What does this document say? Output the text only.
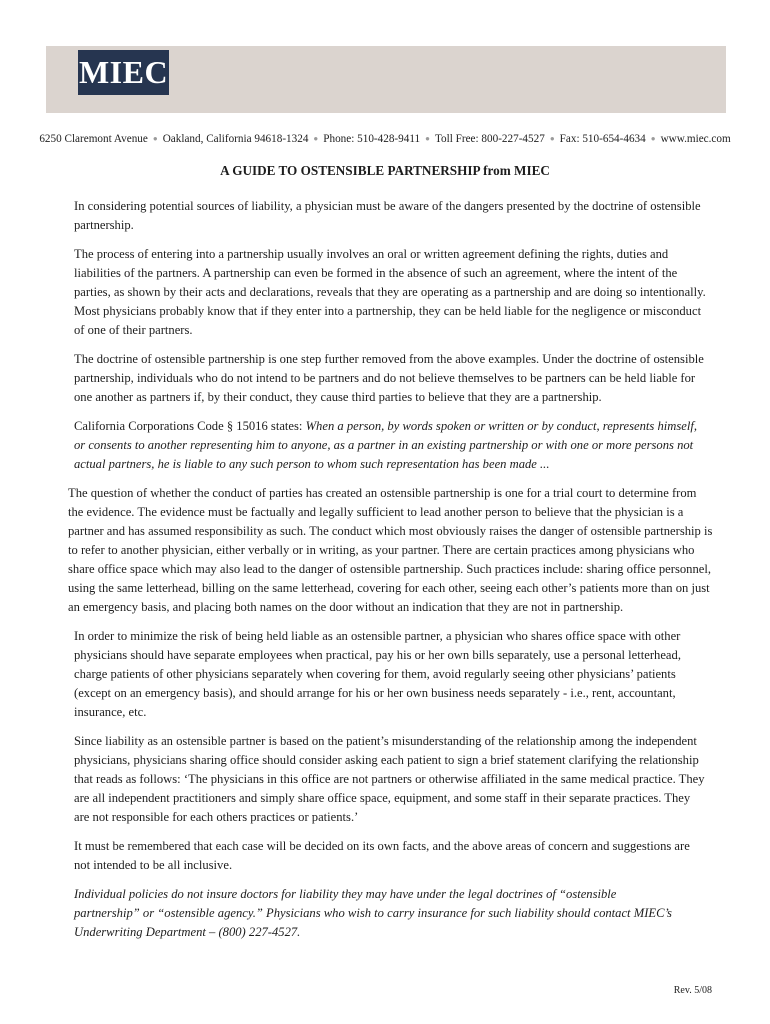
MIEC
6250 Claremont Avenue ● Oakland, California 94618-1324 ● Phone: 510-428-9411 ● Toll Free: 800-227-4527 ● Fax: 510-654-4634 ● www.miec.com
A GUIDE TO OSTENSIBLE PARTNERSHIP from MIEC

In considering potential sources of liability, a physician must be aware of the dangers presented by the doctrine of ostensible partnership.

The process of entering into a partnership usually involves an oral or written agreement defining the rights, duties and liabilities of the partners. A partnership can even be formed in the absence of such an agreement, where the intent of the parties, as shown by their acts and declarations, reveals that they are operating as a partnership and are doing so intentionally. Most physicians probably know that if they enter into a partnership, they can be held liable for the negligence or misconduct of one of their partners.

The doctrine of ostensible partnership is one step further removed from the above examples. Under the doctrine of ostensible partnership, individuals who do not intend to be partners and do not believe themselves to be partners can be held liable for one another as partners if, by their conduct, they cause third parties to believe that they are a partnership.

California Corporations Code § 15016 states: When a person, by words spoken or written or by conduct, represents himself, or consents to another representing him to anyone, as a partner in an existing partnership or with one or more persons not actual partners, he is liable to any such person to whom such representation has been made ...

The question of whether the conduct of parties has created an ostensible partnership is one for a trial court to determine from the evidence. The evidence must be factually and legally sufficient to lead another person to believe that the physician is a partner and has assumed responsibility as such. The conduct which most obviously raises the danger of ostensible partnership is to refer to another physician, either verbally or in writing, as your partner. There are certain practices among physicians who share office space which may also lead to the danger of ostensible partnership. Such practices include: sharing office personnel, using the same letterhead, billing on the same letterhead, covering for each other, seeing each other’s patients more than on just an emergency basis, and placing both names on the door without an indication that they are not in partnership.

In order to minimize the risk of being held liable as an ostensible partner, a physician who shares office space with other physicians should have separate employees when practical, pay his or her own bills separately, use a personal letterhead, charge patients of other physicians separately when covering for them, avoid regularly seeing other physicians’ patients (except on an emergency basis), and should arrange for his or her own business needs separately - i.e., rent, accountant, insurance, etc.

Since liability as an ostensible partner is based on the patient’s misunderstanding of the relationship among the independent physicians, physicians sharing office should consider asking each patient to sign a brief statement clarifying the relationship that reads as follows: ‘The physicians in this office are not partners or otherwise affiliated in the same medical practice. They are all independent practitioners and simply share office space, equipment, and some staff in their separate practices. They are not responsible for each others practices or patients.’

It must be remembered that each case will be decided on its own facts, and the above areas of concern and suggestions are not intended to be all inclusive.

Individual policies do not insure doctors for liability they may have under the legal doctrines of “ostensible partnership” or “ostensible agency.” Physicians who wish to carry insurance for such liability should contact MIEC’s Underwriting Department – (800) 227-4527.

Rev. 5/08
